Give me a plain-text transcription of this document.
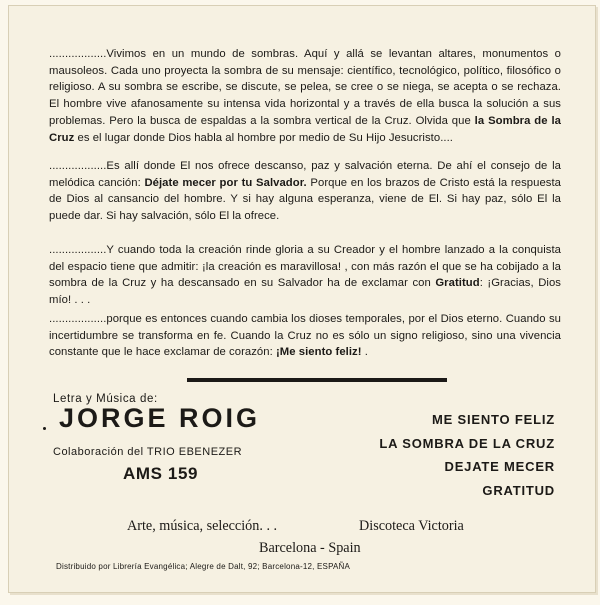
..................Vivimos en un mundo de sombras. Aquí y allá se levantan altares, monumentos o mausoleos. Cada uno proyecta la sombra de su mensaje: científico, tecnológico, político, filosófico o religioso. A su sombra se escribe, se discute, se pelea, se cree o se niega, se acepta o se rechaza. El hombre vive afanosamente su intensa vida horizontal y a través de ella busca la solución a sus problemas. Pero la busca de espaldas a la sombra vertical de la Cruz. Olvida que la Sombra de la Cruz es el lugar donde Dios habla al hombre por medio de Su Hijo Jesucristo....
..................Es allí donde El nos ofrece descanso, paz y salvación eterna. De ahí el consejo de la melódica canción: Déjate mecer por tu Salvador. Porque en los brazos de Cristo está la respuesta de Dios al cansancio del hombre. Y si hay alguna esperanza, viene de El. Si hay paz, sólo El la puede dar. Si hay salvación, sólo El la ofrece.
..................Y cuando toda la creación rinde gloria a su Creador y el hombre lanzado a la conquista del espacio tiene que admitir: ¡la creación es maravillosa! , con más razón el que se ha cobijado a la sombra de la Cruz y ha descansado en su Salvador ha de exclamar con Gratitud: ¡Gracias, Dios mío! . . .
..................porque es entonces cuando cambia los dioses temporales, por el Dios eterno. Cuando su incertidumbre se transforma en fe. Cuando la Cruz no es sólo un signo religioso, sino una vivencia constante que le hace exclamar de corazón: ¡Me siento feliz! .
Letra y Música de:
JORGE ROIG
Colaboración del TRIO EBENEZER
AMS 159
ME SIENTO FELIZ
LA SOMBRA DE LA CRUZ
DEJATE MECER
GRATITUD
Arte, música, selección. . .	Discoteca Victoria
Barcelona - Spain
Distribuido por Librería Evangélica; Alegre de Dalt, 92; Barcelona-12, ESPAÑA
